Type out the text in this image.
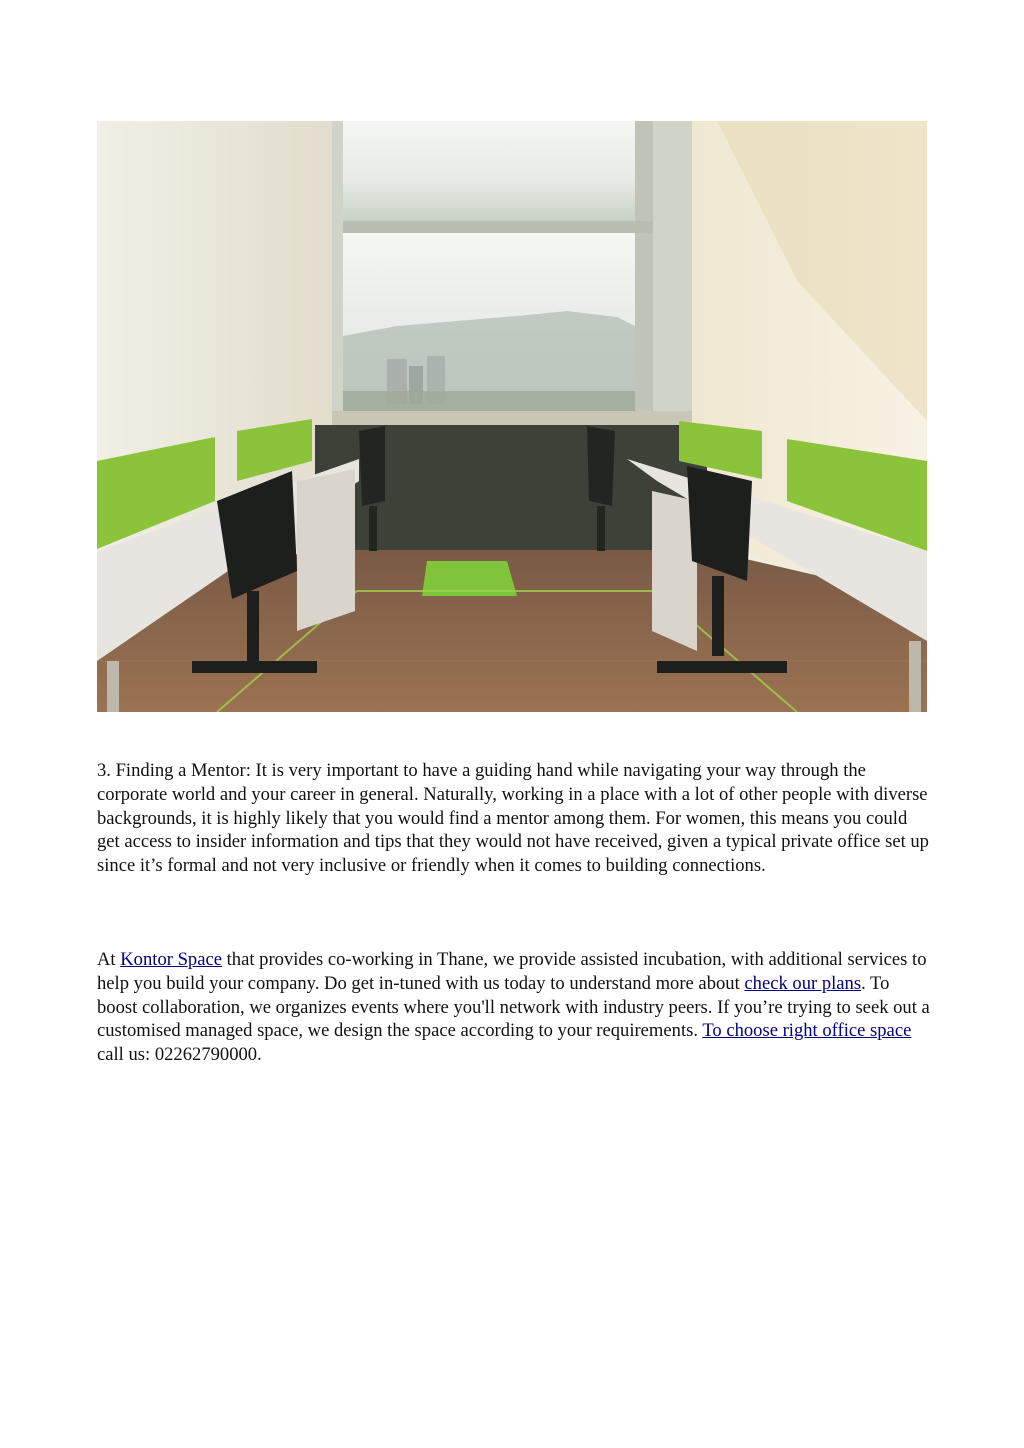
3. Finding a Mentor: It is very important to have a guiding hand while navigating your way through the corporate world and your career in general. Naturally, working in a place with a lot of other people with diverse backgrounds, it is highly likely that you would find a mentor among them. For women, this means you could get access to insider information and tips that they would not have received, given a typical private office set up since it’s formal and not very inclusive or friendly when it comes to building connections.

At Kontor Space that provides co-working in Thane, we provide assisted incubation, with additional services to help you build your company. Do get in-tuned with us today to understand more about check our plans. To boost collaboration, we organizes events where you'll network with industry peers. If you’re trying to seek out a customised managed space, we design the space according to your requirements. To choose right office space call us: 02262790000.
